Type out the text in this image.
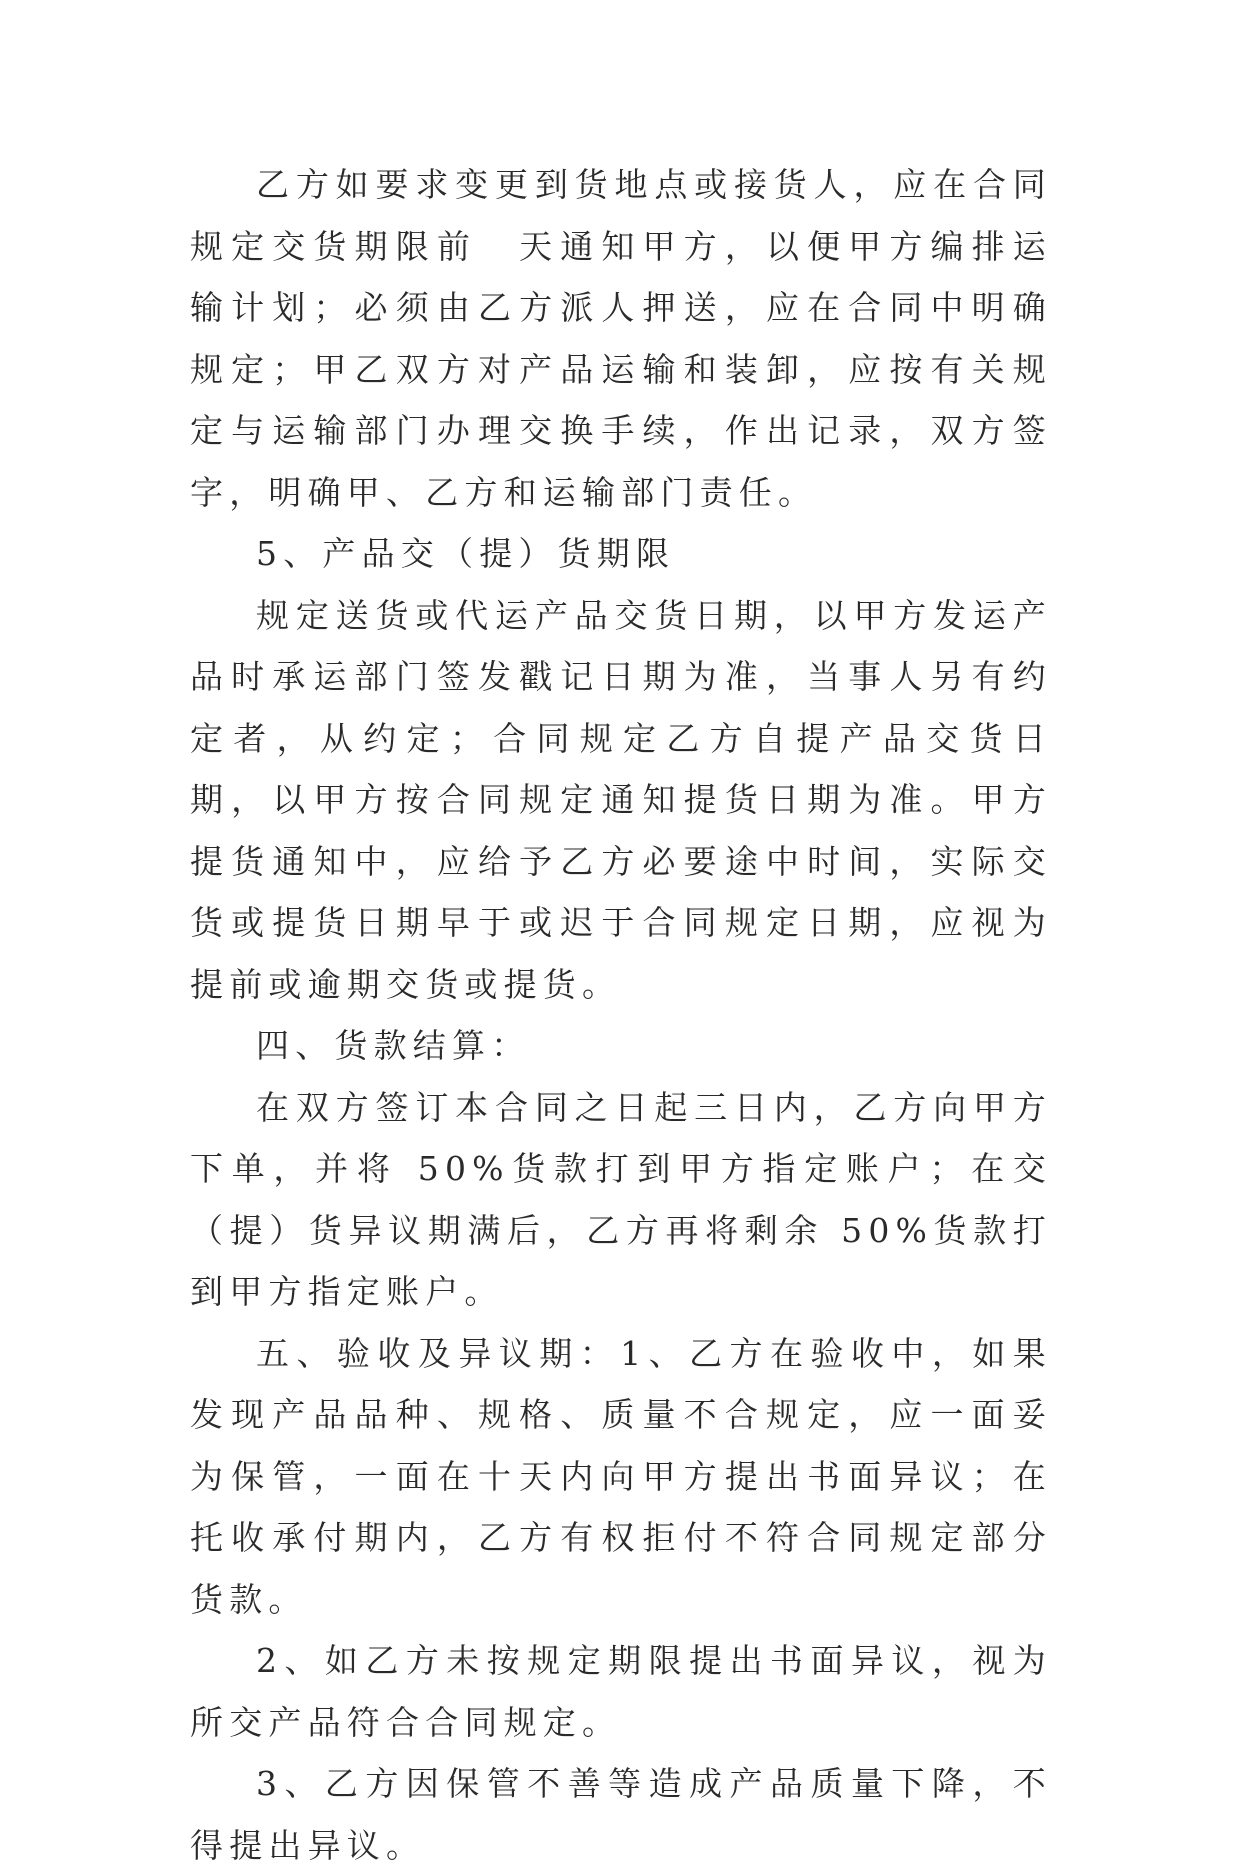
乙方如要求变更到货地点或接货人，应在合同规定交货期限前　天通知甲方，以便甲方编排运输计划；必须由乙方派人押送，应在合同中明确规定；甲乙双方对产品运输和装卸，应按有关规定与运输部门办理交换手续，作出记录，双方签字，明确甲、乙方和运输部门责任。

5、产品交（提）货期限

规定送货或代运产品交货日期，以甲方发运产品时承运部门签发戳记日期为准，当事人另有约定者，从约定；合同规定乙方自提产品交货日期，以甲方按合同规定通知提货日期为准。甲方提货通知中，应给予乙方必要途中时间，实际交货或提货日期早于或迟于合同规定日期，应视为提前或逾期交货或提货。

四、货款结算：

在双方签订本合同之日起三日内，乙方向甲方下单，并将 50%货款打到甲方指定账户；在交（提）货异议期满后，乙方再将剩余 50%货款打到甲方指定账户。

五、验收及异议期：1、乙方在验收中，如果发现产品品种、规格、质量不合规定，应一面妥为保管，一面在十天内向甲方提出书面异议；在托收承付期内，乙方有权拒付不符合同规定部分货款。

2、如乙方未按规定期限提出书面异议，视为所交产品符合合同规定。

3、乙方因保管不善等造成产品质量下降，不得提出异议。
